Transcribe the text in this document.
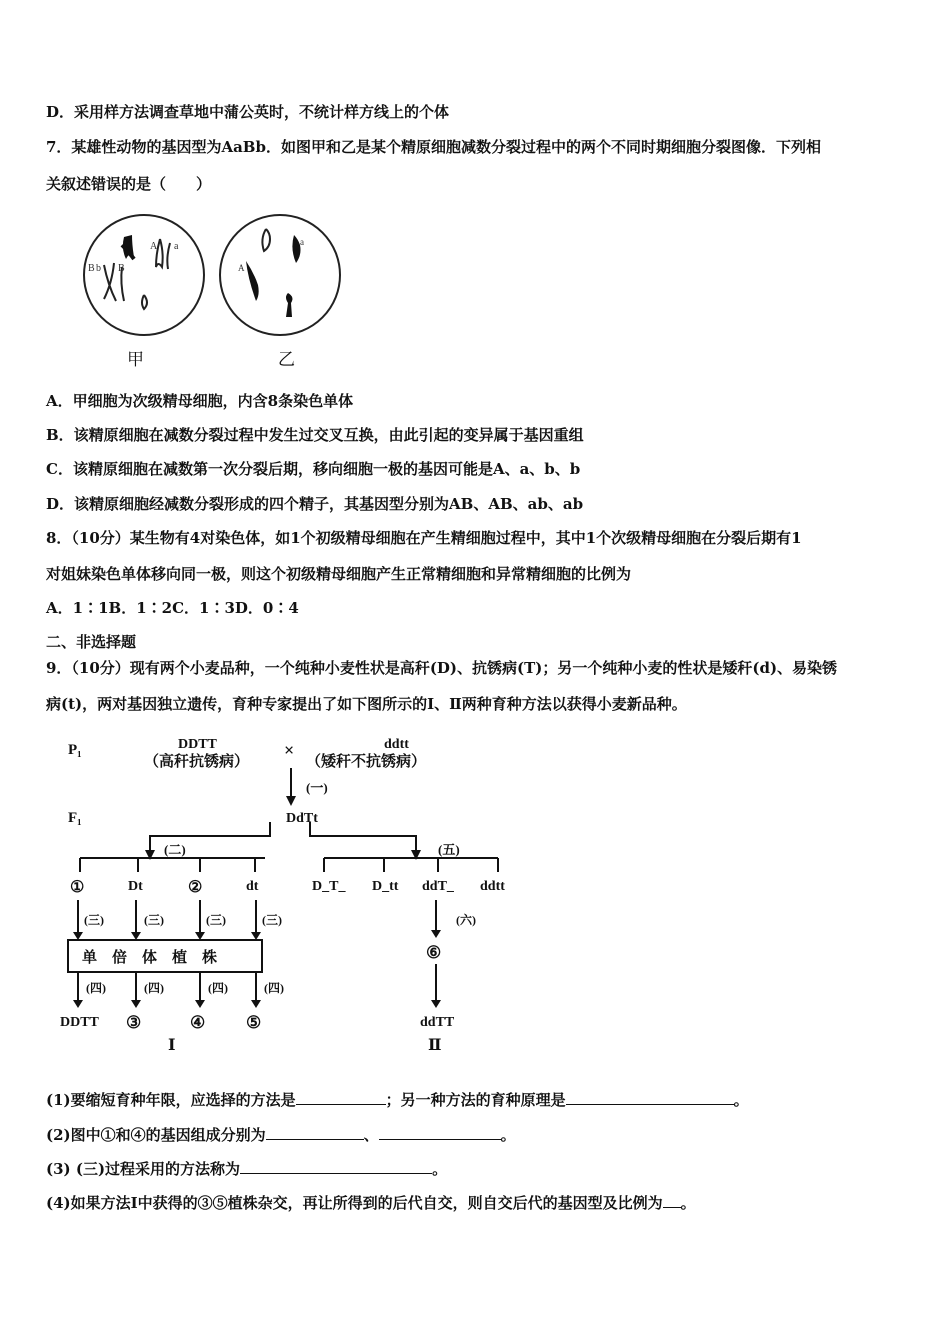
D．采用样方法调查草地中蒲公英时，不统计样方线上的个体
7．某雄性动物的基因型为AaBb．如图甲和乙是某个精原细胞减数分裂过程中的两个不同时期细胞分裂图像．下列相
关叙述错误的是（　　）
B b B
A a
A
a
甲	乙
A．甲细胞为次级精母细胞，内含8条染色单体
B．该精原细胞在减数分裂过程中发生过交叉互换，由此引起的变异属于基因重组
C．该精原细胞在减数第一次分裂后期，移向细胞一极的基因可能是A、a、b、b
D．该精原细胞经减数分裂形成的四个精子，其基因型分别为AB、AB、ab、ab
8．（10分）某生物有4对染色体，如1个初级精母细胞在产生精细胞过程中，其中1个次级精母细胞在分裂后期有1
对姐妹染色单体移向同一极，则这个初级精母细胞产生正常精细胞和异常精细胞的比例为
A．1∶1B．1∶2C．1∶3D．0∶4
二、非选择题
9．（10分）现有两个小麦品种，一个纯种小麦性状是高秆(D)、抗锈病(T)；另一个纯种小麦的性状是矮秆(d)、易染锈
病(t)，两对基因独立遗传，育种专家提出了如下图所示的Ⅰ、Ⅱ两种育种方法以获得小麦新品种。
P₁	DDTT
（高秆抗锈病）
×	ddtt
（矮秆不抗锈病）
(一)
F₁	DdTt
(二)
①	Dt	②	dt
(五)
D_T_ D_tt ddT_ ddtt
(三)	(三)	(三)	(三)
单　倍　体　植　株
(四)	(四)	(四)	(四)
DDTT ③	④ ⑤
Ⅰ
(六)
⑥
ddTT
Ⅱ
(1)要缩短育种年限，应选择的方法是	；另一种方法的育种原理是	。
(2)图中①和④的基因组成分别为	、	。
(3) (三)过程采用的方法称为	。
(4)如果方法Ⅰ中获得的③⑤植株杂交，再让所得到的后代自交，则自交后代的基因型及比例为 。
